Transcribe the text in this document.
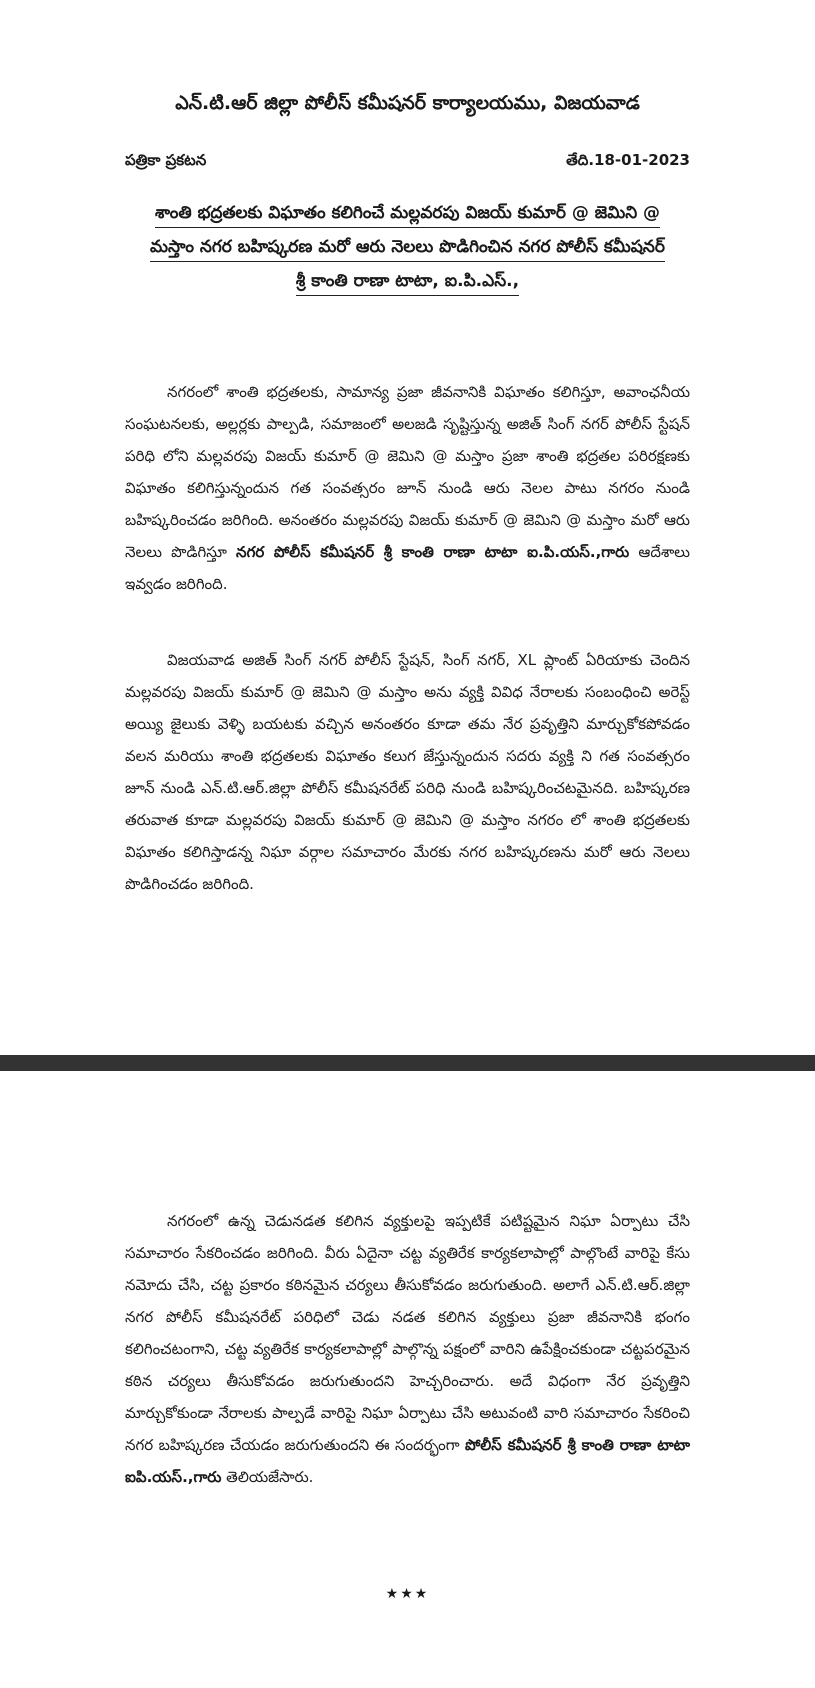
ఎన్.టి.ఆర్ జిల్లా పోలీస్ కమీషనర్ కార్యాలయము, విజయవాడ
పత్రికా ప్రకటన	తేది.18-01-2023
శాంతి భద్రతలకు విఘాతం కలిగించే మల్లవరపు విజయ్ కుమార్ @ జెమిని @
మస్తాం నగర బహిష్కరణ మరో ఆరు నెలలు పొడిగించిన నగర పోలీస్ కమీషనర్
శ్రీ కాంతి రాణా టాటా, ఐ.పి.ఎస్.,

నగరంలో శాంతి భద్రతలకు, సామాన్య ప్రజా జీవనానికి విఘాతం కలిగిస్తూ, అవాంఛనీయ సంఘటనలకు, అల్లర్లకు పాల్పడి, సమాజంలో అలజడి సృష్టిస్తున్న అజిత్ సింగ్ నగర్ పోలీస్ స్టేషన్ పరిధి లోని మల్లవరపు విజయ్ కుమార్ @ జెమిని @ మస్తాం ప్రజా శాంతి భద్రతల పరిరక్షణకు విఘాతం కలిగిస్తున్నందున గత సంవత్సరం జూన్ నుండి ఆరు నెలల పాటు నగరం నుండి బహిష్కరించడం జరిగింది. అనంతరం మల్లవరపు విజయ్ కుమార్ @ జెమిని @ మస్తాం మరో ఆరు నెలలు పొడిగిస్తూ నగర పోలీస్ కమీషనర్ శ్రీ కాంతి రాణా టాటా ఐ.పి.యస్.,గారు ఆదేశాలు ఇవ్వడం జరిగింది.

విజయవాడ అజిత్ సింగ్ నగర్ పోలీస్ స్టేషన్, సింగ్ నగర్, XL ప్లాంట్ ఏరియాకు చెందిన మల్లవరపు విజయ్ కుమార్ @ జెమిని @ మస్తాం అను వ్యక్తి వివిధ నేరాలకు సంబంధించి అరెస్ట్ అయ్యి జైలుకు వెళ్ళి బయటకు వచ్చిన అనంతరం కూడా తమ నేర ప్రవృత్తిని మార్చుకోకపోవడం వలన మరియు శాంతి భద్రతలకు విఘాతం కలుగ జేస్తున్నందున సదరు వ్యక్తి ని గత సంవత్సరం జూన్ నుండి ఎన్.టి.ఆర్.జిల్లా పోలీస్ కమీషనరేట్ పరిధి నుండి బహిష్కరించటమైనది. బహిష్కరణ తరువాత కూడా మల్లవరపు విజయ్ కుమార్ @ జెమిని @ మస్తాం నగరం లో శాంతి భద్రతలకు విఘాతం కలిగిస్తాడన్న నిఘా వర్గాల సమాచారం మేరకు నగర బహిష్కరణను మరో ఆరు నెలలు పొడిగించడం జరిగింది.

నగరంలో ఉన్న చెడునడత కలిగిన వ్యక్తులపై ఇప్పటికే పటిష్టమైన నిఘా ఏర్పాటు చేసి సమాచారం సేకరించడం జరిగింది. వీరు ఏదైనా చట్ట వ్యతిరేక కార్యకలాపాల్లో పాల్గొంటే వారిపై కేసు నమోదు చేసి, చట్ట ప్రకారం కఠినమైన చర్యలు తీసుకోవడం జరుగుతుంది. అలాగే ఎన్.టి.ఆర్.జిల్లా నగర పోలీస్ కమీషనరేట్ పరిధిలో చెడు నడత కలిగిన వ్యక్తులు ప్రజా జీవనానికి భంగం కలిగించటంగాని, చట్ట వ్యతిరేక కార్యకలాపాల్లో పాల్గొన్న పక్షంలో వారిని ఉపేక్షించకుండా చట్టపరమైన కఠిన చర్యలు తీసుకోవడం జరుగుతుందని హెచ్చరించారు. అదే విధంగా నేర ప్రవృత్తిని మార్చుకోకుండా నేరాలకు పాల్పడే వారిపై నిఘా ఏర్పాటు చేసి అటువంటి వారి సమాచారం సేకరించి నగర బహిష్కరణ చేయడం జరుగుతుందని ఈ సందర్భంగా పోలీస్ కమీషనర్ శ్రీ కాంతి రాణా టాటా ఐపి.యస్.,గారు తెలియజేసారు.

★★★
